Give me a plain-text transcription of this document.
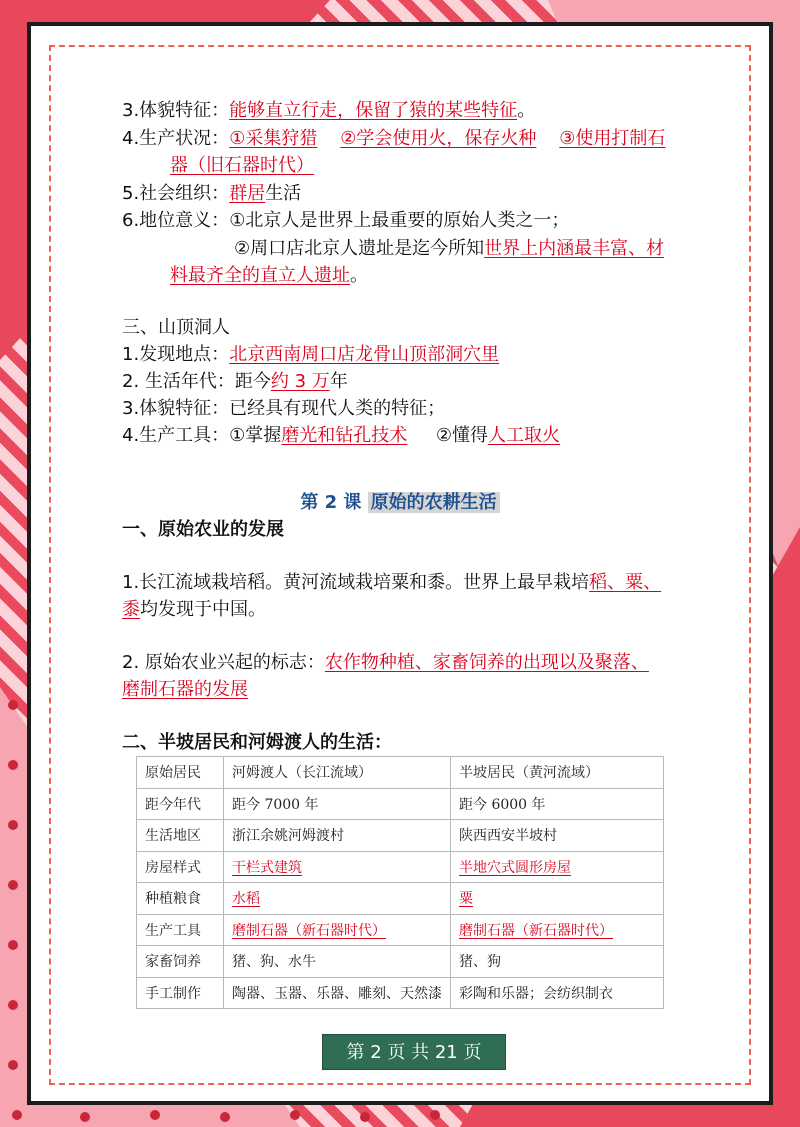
3.体貌特征：能够直立行走，保留了猿的某些特征。
4.生产状况：①采集狩猎 ②学会使用火，保存火种 ③使用打制石
器（旧石器时代）
5.社会组织：群居生活
6.地位意义：①北京人是世界上最重要的原始人类之一；
②周口店北京人遗址是迄今所知世界上内涵最丰富、材
料最齐全的直立人遗址。
三、山顶洞人
1.发现地点：北京西南周口店龙骨山顶部洞穴里
2. 生活年代：距今约 3 万年
3.体貌特征：已经具有现代人类的特征；
4.生产工具：①掌握磨光和钻孔技术 ②懂得人工取火
第 2 课 原始的农耕生活
一、原始农业的发展
1.长江流域栽培稻。黄河流域栽培粟和黍。世界上最早栽培稻、粟、
黍均发现于中国。
2. 原始农业兴起的标志：农作物种植、家畜饲养的出现以及聚落、
磨制石器的发展
二、半坡居民和河姆渡人的生活：
原始居民	河姆渡人（长江流域）	半坡居民（黄河流域）
距今年代	距今 7000 年	距今 6000 年
生活地区	浙江余姚河姆渡村	陕西西安半坡村
房屋样式	干栏式建筑	半地穴式圆形房屋
种植粮食	水稻	粟
生产工具	磨制石器（新石器时代）	磨制石器（新石器时代）
家畜饲养	猪、狗、水牛	猪、狗
手工制作	陶器、玉器、乐器、雕刻、天然漆	彩陶和乐器；会纺织制衣
第 2 页 共 21 页
